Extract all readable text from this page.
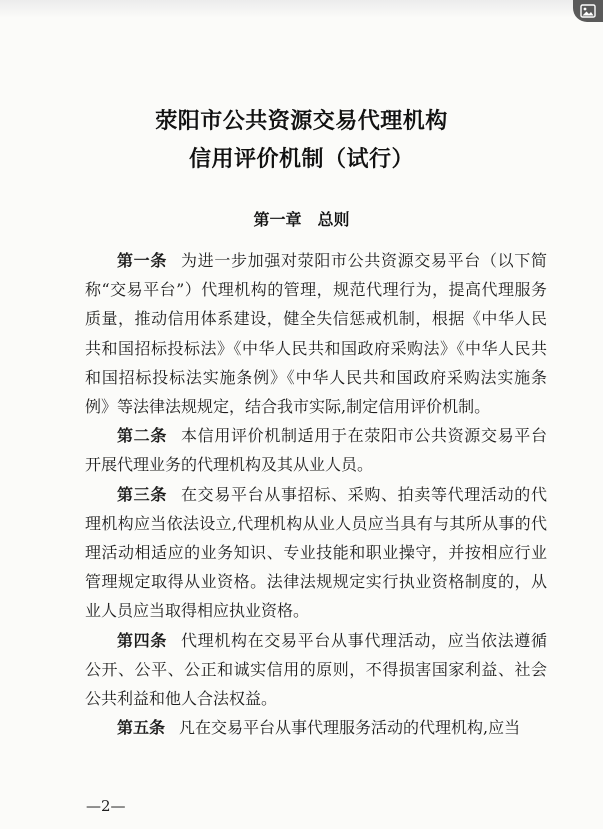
荥阳市公共资源交易代理机构
信用评价机制（试行）
第一章　总则

第一条 为进一步加强对荥阳市公共资源交易平台（以下简称“交易平台”）代理机构的管理，规范代理行为，提高代理服务质量，推动信用体系建设，健全失信惩戒机制，根据《中华人民共和国招标投标法》《中华人民共和国政府采购法》《中华人民共和国招标投标法实施条例》《中华人民共和国政府采购法实施条例》等法律法规规定，结合我市实际,制定信用评价机制。

第二条 本信用评价机制适用于在荥阳市公共资源交易平台开展代理业务的代理机构及其从业人员。

第三条 在交易平台从事招标、采购、拍卖等代理活动的代理机构应当依法设立,代理机构从业人员应当具有与其所从事的代理活动相适应的业务知识、专业技能和职业操守，并按相应行业管理规定取得从业资格。法律法规规定实行执业资格制度的，从业人员应当取得相应执业资格。

第四条 代理机构在交易平台从事代理活动，应当依法遵循公开、公平、公正和诚实信用的原则，不得损害国家利益、社会公共利益和他人合法权益。

第五条 凡在交易平台从事代理服务活动的代理机构,应当

—2—
